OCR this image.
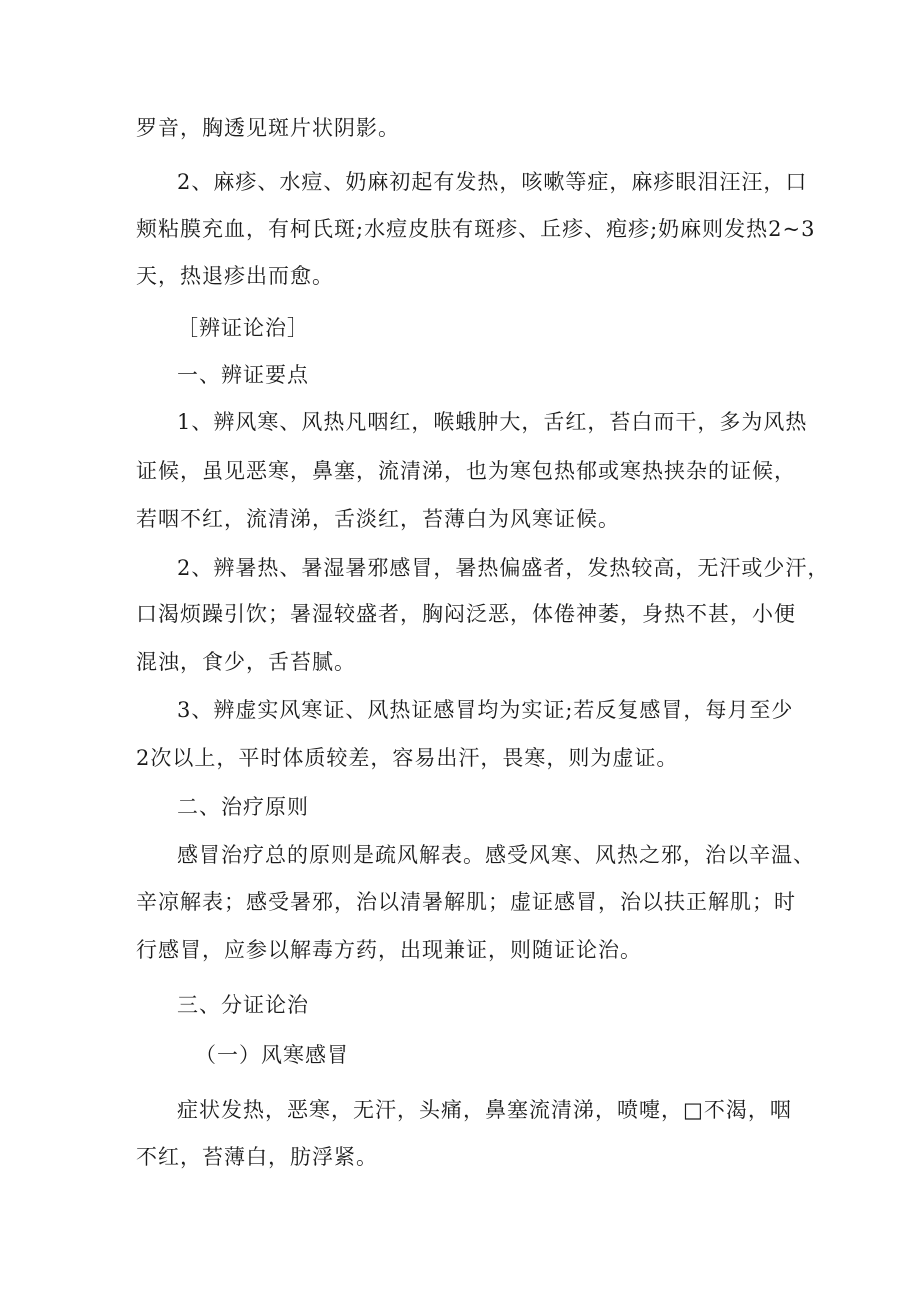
罗音，胸透见斑片状阴影。

2、麻疹、水痘、奶麻初起有发热，咳嗽等症，麻疹眼泪汪汪，口

颊粘膜充血，有柯氏斑;水痘皮肤有斑疹、丘疹、疱疹;奶麻则发热2~3

天，热退疹出而愈。

［辨证论治］

一、辨证要点

1、辨风寒、风热凡咽红，喉蛾肿大，舌红，苔白而干，多为风热

证候，虽见恶寒，鼻塞，流清涕，也为寒包热郁或寒热挟杂的证候，

若咽不红，流清涕，舌淡红，苔薄白为风寒证候。

2、辨暑热、暑湿暑邪感冒，暑热偏盛者，发热较高，无汗或少汗，

口渴烦躁引饮；暑湿较盛者，胸闷泛恶，体倦神萎，身热不甚，小便

混浊，食少，舌苔腻。

3、辨虚实风寒证、风热证感冒均为实证;若反复感冒，每月至少

2次以上，平时体质较差，容易出汗，畏寒，则为虚证。

二、治疗原则

感冒治疗总的原则是疏风解表。感受风寒、风热之邪，治以辛温、

辛凉解表；感受暑邪，治以清暑解肌；虚证感冒，治以扶正解肌；时

行感冒，应参以解毒方药，出现兼证，则随证论治。

三、分证论治

（一）风寒感冒

症状发热，恶寒，无汗，头痛，鼻塞流清涕，喷嚏，□不渴，咽

不红，苔薄白，肪浮紧。
